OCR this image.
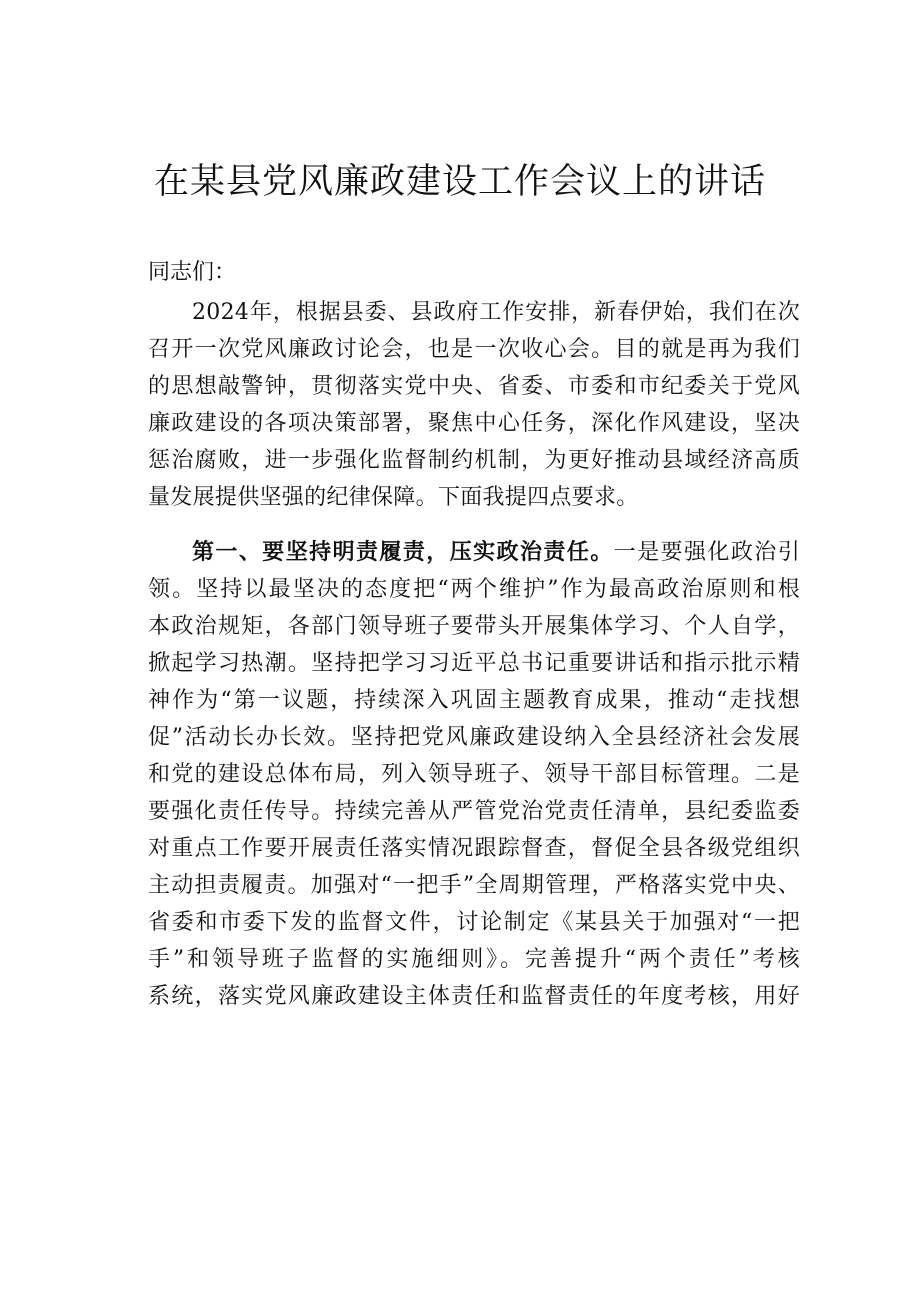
在某县党风廉政建设工作会议上的讲话

同志们：

2024年，根据县委、县政府工作安排，新春伊始，我们在次
召开一次党风廉政讨论会，也是一次收心会。目的就是再为我们
的思想敲警钟，贯彻落实党中央、省委、市委和市纪委关于党风
廉政建设的各项决策部署，聚焦中心任务，深化作风建设，坚决
惩治腐败，进一步强化监督制约机制，为更好推动县域经济高质
量发展提供坚强的纪律保障。下面我提四点要求。
第一、要坚持明责履责，压实政治责任。一是要强化政治引
领。坚持以最坚决的态度把“两个维护”作为最高政治原则和根
本政治规矩，各部门领导班子要带头开展集体学习、个人自学，
掀起学习热潮。坚持把学习习近平总书记重要讲话和指示批示精
神作为“第一议题，持续深入巩固主题教育成果，推动“走找想
促”活动长办长效。坚持把党风廉政建设纳入全县经济社会发展
和党的建设总体布局，列入领导班子、领导干部目标管理。二是
要强化责任传导。持续完善从严管党治党责任清单，县纪委监委
对重点工作要开展责任落实情况跟踪督查，督促全县各级党组织
主动担责履责。加强对“一把手”全周期管理，严格落实党中央、
省委和市委下发的监督文件，讨论制定《某县关于加强对“一把
手”和领导班子监督的实施细则》。完善提升“两个责任”考核
系统，落实党风廉政建设主体责任和监督责任的年度考核，用好
